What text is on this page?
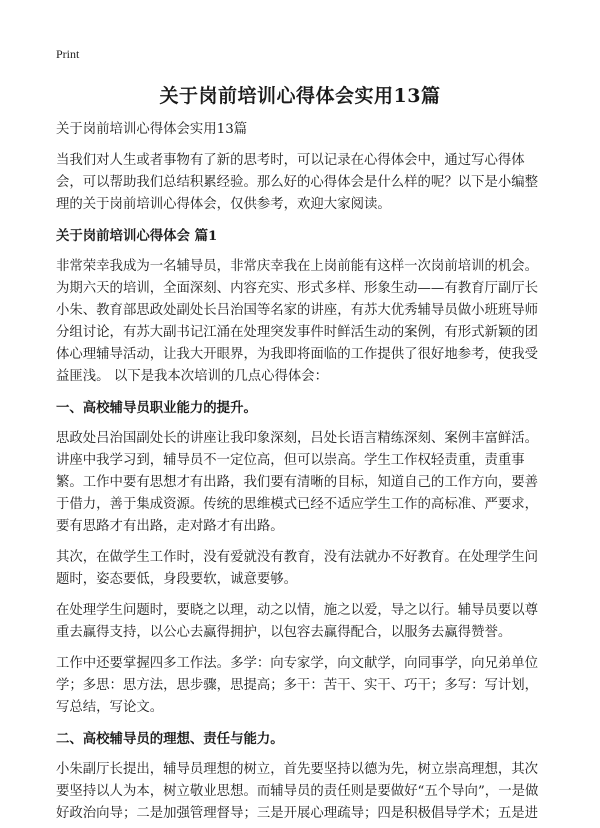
Print
关于岗前培训心得体会实用13篇

关于岗前培训心得体会实用13篇

当我们对人生或者事物有了新的思考时，可以记录在心得体会中，通过写心得体会，可以帮助我们总结积累经验。那么好的心得体会是什么样的呢？以下是小编整理的关于岗前培训心得体会，仅供参考，欢迎大家阅读。

关于岗前培训心得体会 篇1

非常荣幸我成为一名辅导员，非常庆幸我在上岗前能有这样一次岗前培训的机会。为期六天的培训，全面深刻、内容充实、形式多样、形象生动——有教育厅副厅长小朱、教育部思政处副处长吕治国等名家的讲座，有苏大优秀辅导员做小班班导师分组讨论，有苏大副书记江涌在处理突发事件时鲜活生动的案例，有形式新颖的团体心理辅导活动，让我大开眼界，为我即将面临的工作提供了很好地参考，使我受益匪浅。 以下是我本次培训的几点心得体会：

一、高校辅导员职业能力的提升。

思政处吕治国副处长的讲座让我印象深刻，吕处长语言精练深刻、案例丰富鲜活。讲座中我学习到，辅导员不一定位高，但可以崇高。学生工作权轻责重，责重事繁。工作中要有思想才有出路，我们要有清晰的目标，知道自己的工作方向，要善于借力，善于集成资源。传统的思维模式已经不适应学生工作的高标准、严要求，要有思路才有出路，走对路才有出路。

其次，在做学生工作时，没有爱就没有教育，没有法就办不好教育。在处理学生问题时，姿态要低，身段要软，诚意要够。

在处理学生问题时，要晓之以理，动之以情，施之以爱，导之以行。辅导员要以尊重去赢得支持，以公心去赢得拥护，以包容去赢得配合，以服务去赢得赞誉。

工作中还要掌握四多工作法。多学：向专家学，向文献学，向同事学，向兄弟单位学；多思：思方法，思步骤，思提高；多干：苦干、实干、巧干；多写：写计划，写总结，写论文。

二、高校辅导员的理想、责任与能力。

小朱副厅长提出，辅导员理想的树立，首先要坚持以德为先，树立崇高理想，其次要坚持以人为本，树立敬业思想。而辅导员的责任则是要做好“五个导向”，一是做好政治向导；二是加强管理督导；三是开展心理疏导；四是积极倡导学术；五是进
